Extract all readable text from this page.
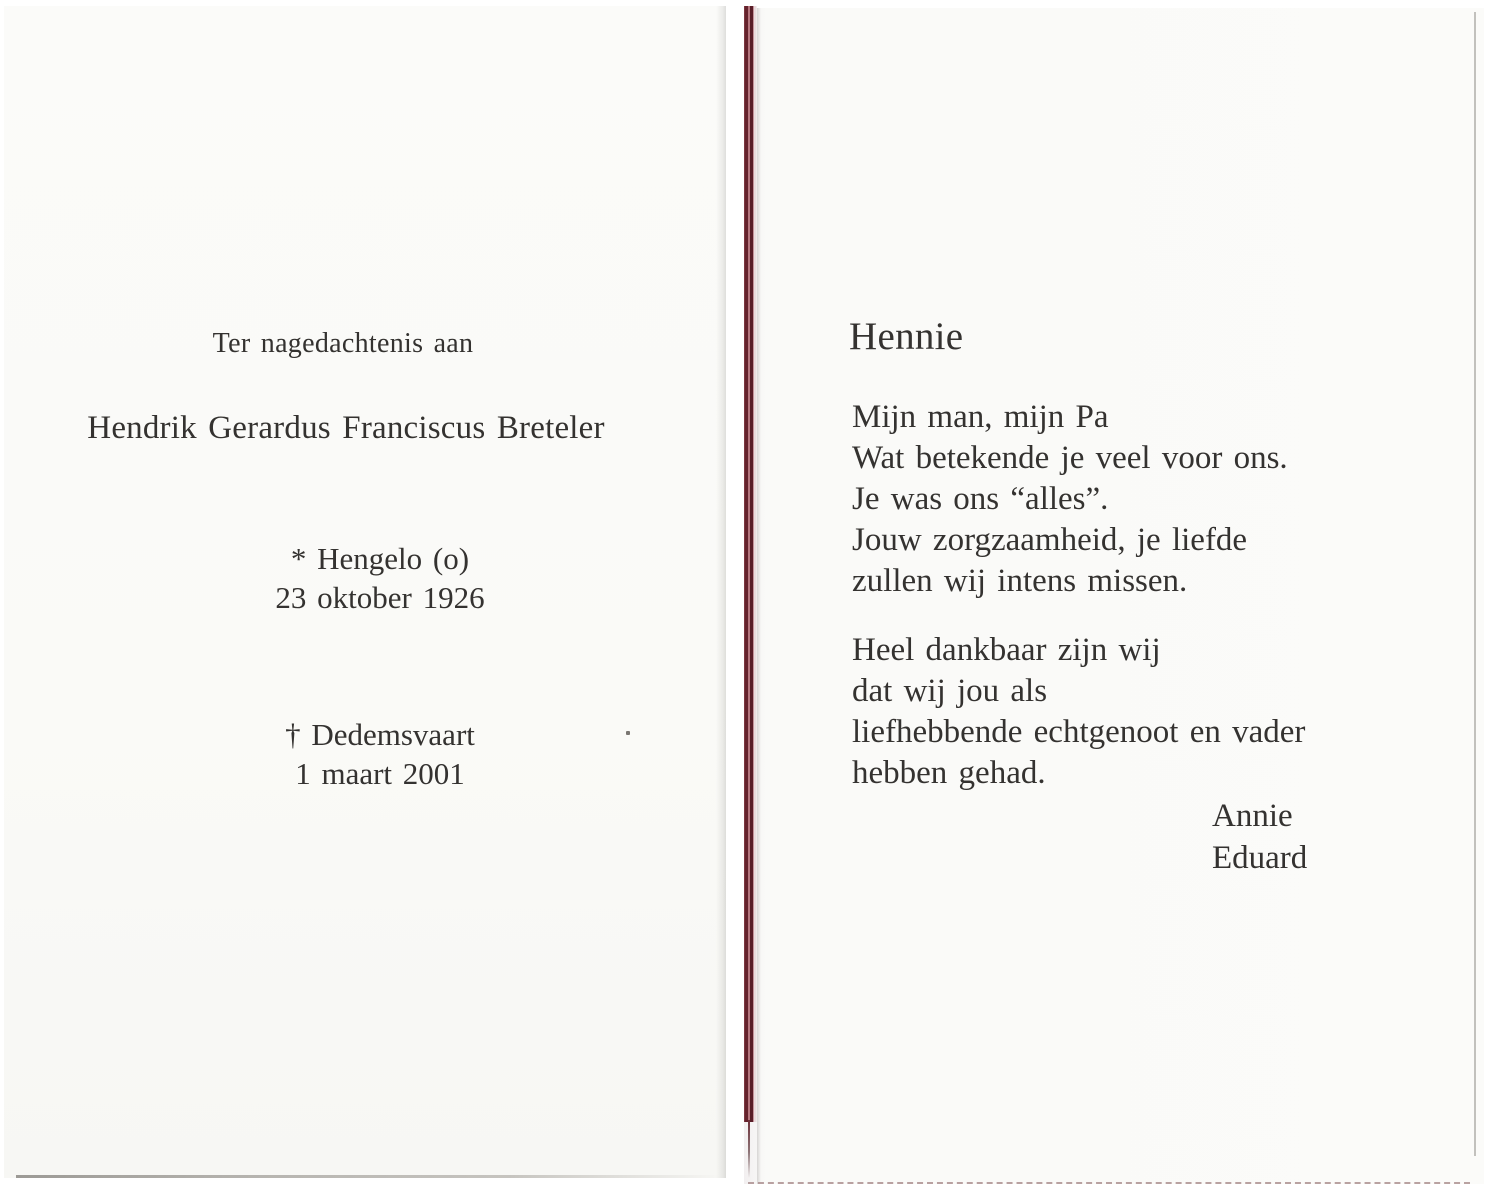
Ter nagedachtenis aan
Hendrik Gerardus Franciscus Breteler
* Hengelo (o)
23 oktober 1926
† Dedemsvaart
1 maart 2001
Hennie
Mijn man, mijn Pa
Wat betekende je veel voor ons.
Je was ons “alles”.
Jouw zorgzaamheid, je liefde
zullen wij intens missen.
Heel dankbaar zijn wij
dat wij jou als
liefhebbende echtgenoot en vader
hebben gehad.
Annie
Eduard
